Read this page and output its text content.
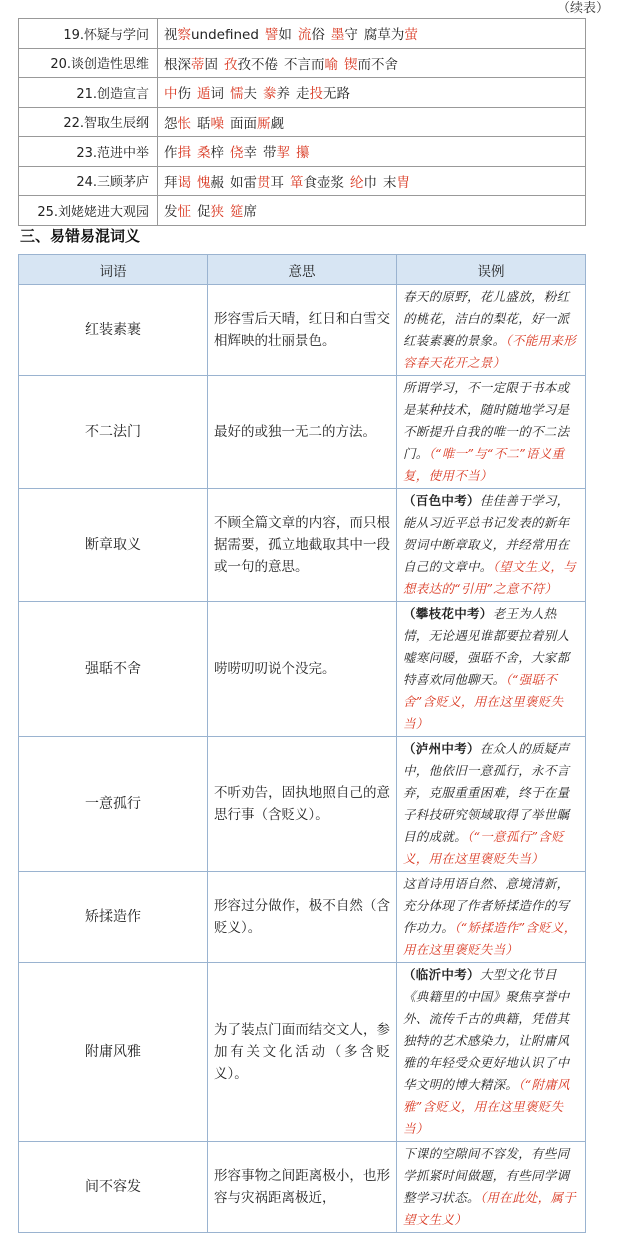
（续表）
19.怀疑与学问	视察undefined 譬如 流俗 墨守 腐草为萤
20.谈创造性思维	根深蒂固 孜孜不倦 不言而喻 锲而不舍
21.创造宣言	中伤 遁词 懦夫 豢养 走投无路
22.智取生辰纲	怨怅 聒噪 面面厮觑
23.范进中举	作揖 桑梓 侥幸 带挈 攥
24.三顾茅庐	拜谒 愧赧 如雷贯耳 箪食壶浆 纶巾 末胄
25.刘姥姥进大观园	发怔 促狭 筵席
三、易错易混词义
词语	意思	误例
红装素裹	形容雪后天晴，红日和白雪交相辉映的壮丽景色。	春天的原野，花儿盛放，粉红的桃花，洁白的梨花，好一派红装素裹的景象。（不能用来形容春天花开之景）
不二法门	最好的或独一无二的方法。	所谓学习，不一定限于书本或是某种技术，随时随地学习是不断提升自我的唯一的不二法门。（“唯一”与“不二”语义重复，使用不当）
断章取义	不顾全篇文章的内容，而只根据需要，孤立地截取其中一段或一句的意思。	（百色中考）佳佳善于学习，能从习近平总书记发表的新年贺词中断章取义，并经常用在自己的文章中。（望文生义，与想表达的“引用”之意不符）
强聒不舍	唠唠叨叨说个没完。	（攀枝花中考）老王为人热情，无论遇见谁都要拉着别人嘘寒问暖，强聒不舍，大家都特喜欢同他聊天。（“强聒不舍”含贬义，用在这里褒贬失当）
一意孤行	不听劝告，固执地照自己的意思行事（含贬义）。	（泸州中考）在众人的质疑声中，他依旧一意孤行，永不言弃，克服重重困难，终于在量子科技研究领域取得了举世瞩目的成就。（“一意孤行”含贬义，用在这里褒贬失当）
矫揉造作	形容过分做作，极不自然（含贬义）。	这首诗用语自然、意境清新，充分体现了作者矫揉造作的写作功力。（“矫揉造作”含贬义，用在这里褒贬失当）
附庸风雅	为了装点门面而结交文人，参加有关文化活动（多含贬义）。	（临沂中考）大型文化节目《典籍里的中国》聚焦享誉中外、流传千古的典籍，凭借其独特的艺术感染力，让附庸风雅的年轻受众更好地认识了中华文明的博大精深。（“附庸风雅”含贬义，用在这里褒贬失当）
间不容发	形容事物之间距离极小，也形容与灾祸距离极近，	下课的空隙间不容发，有些同学抓紧时间做题，有些同学调整学习状态。（用在此处，属于望文生义）
